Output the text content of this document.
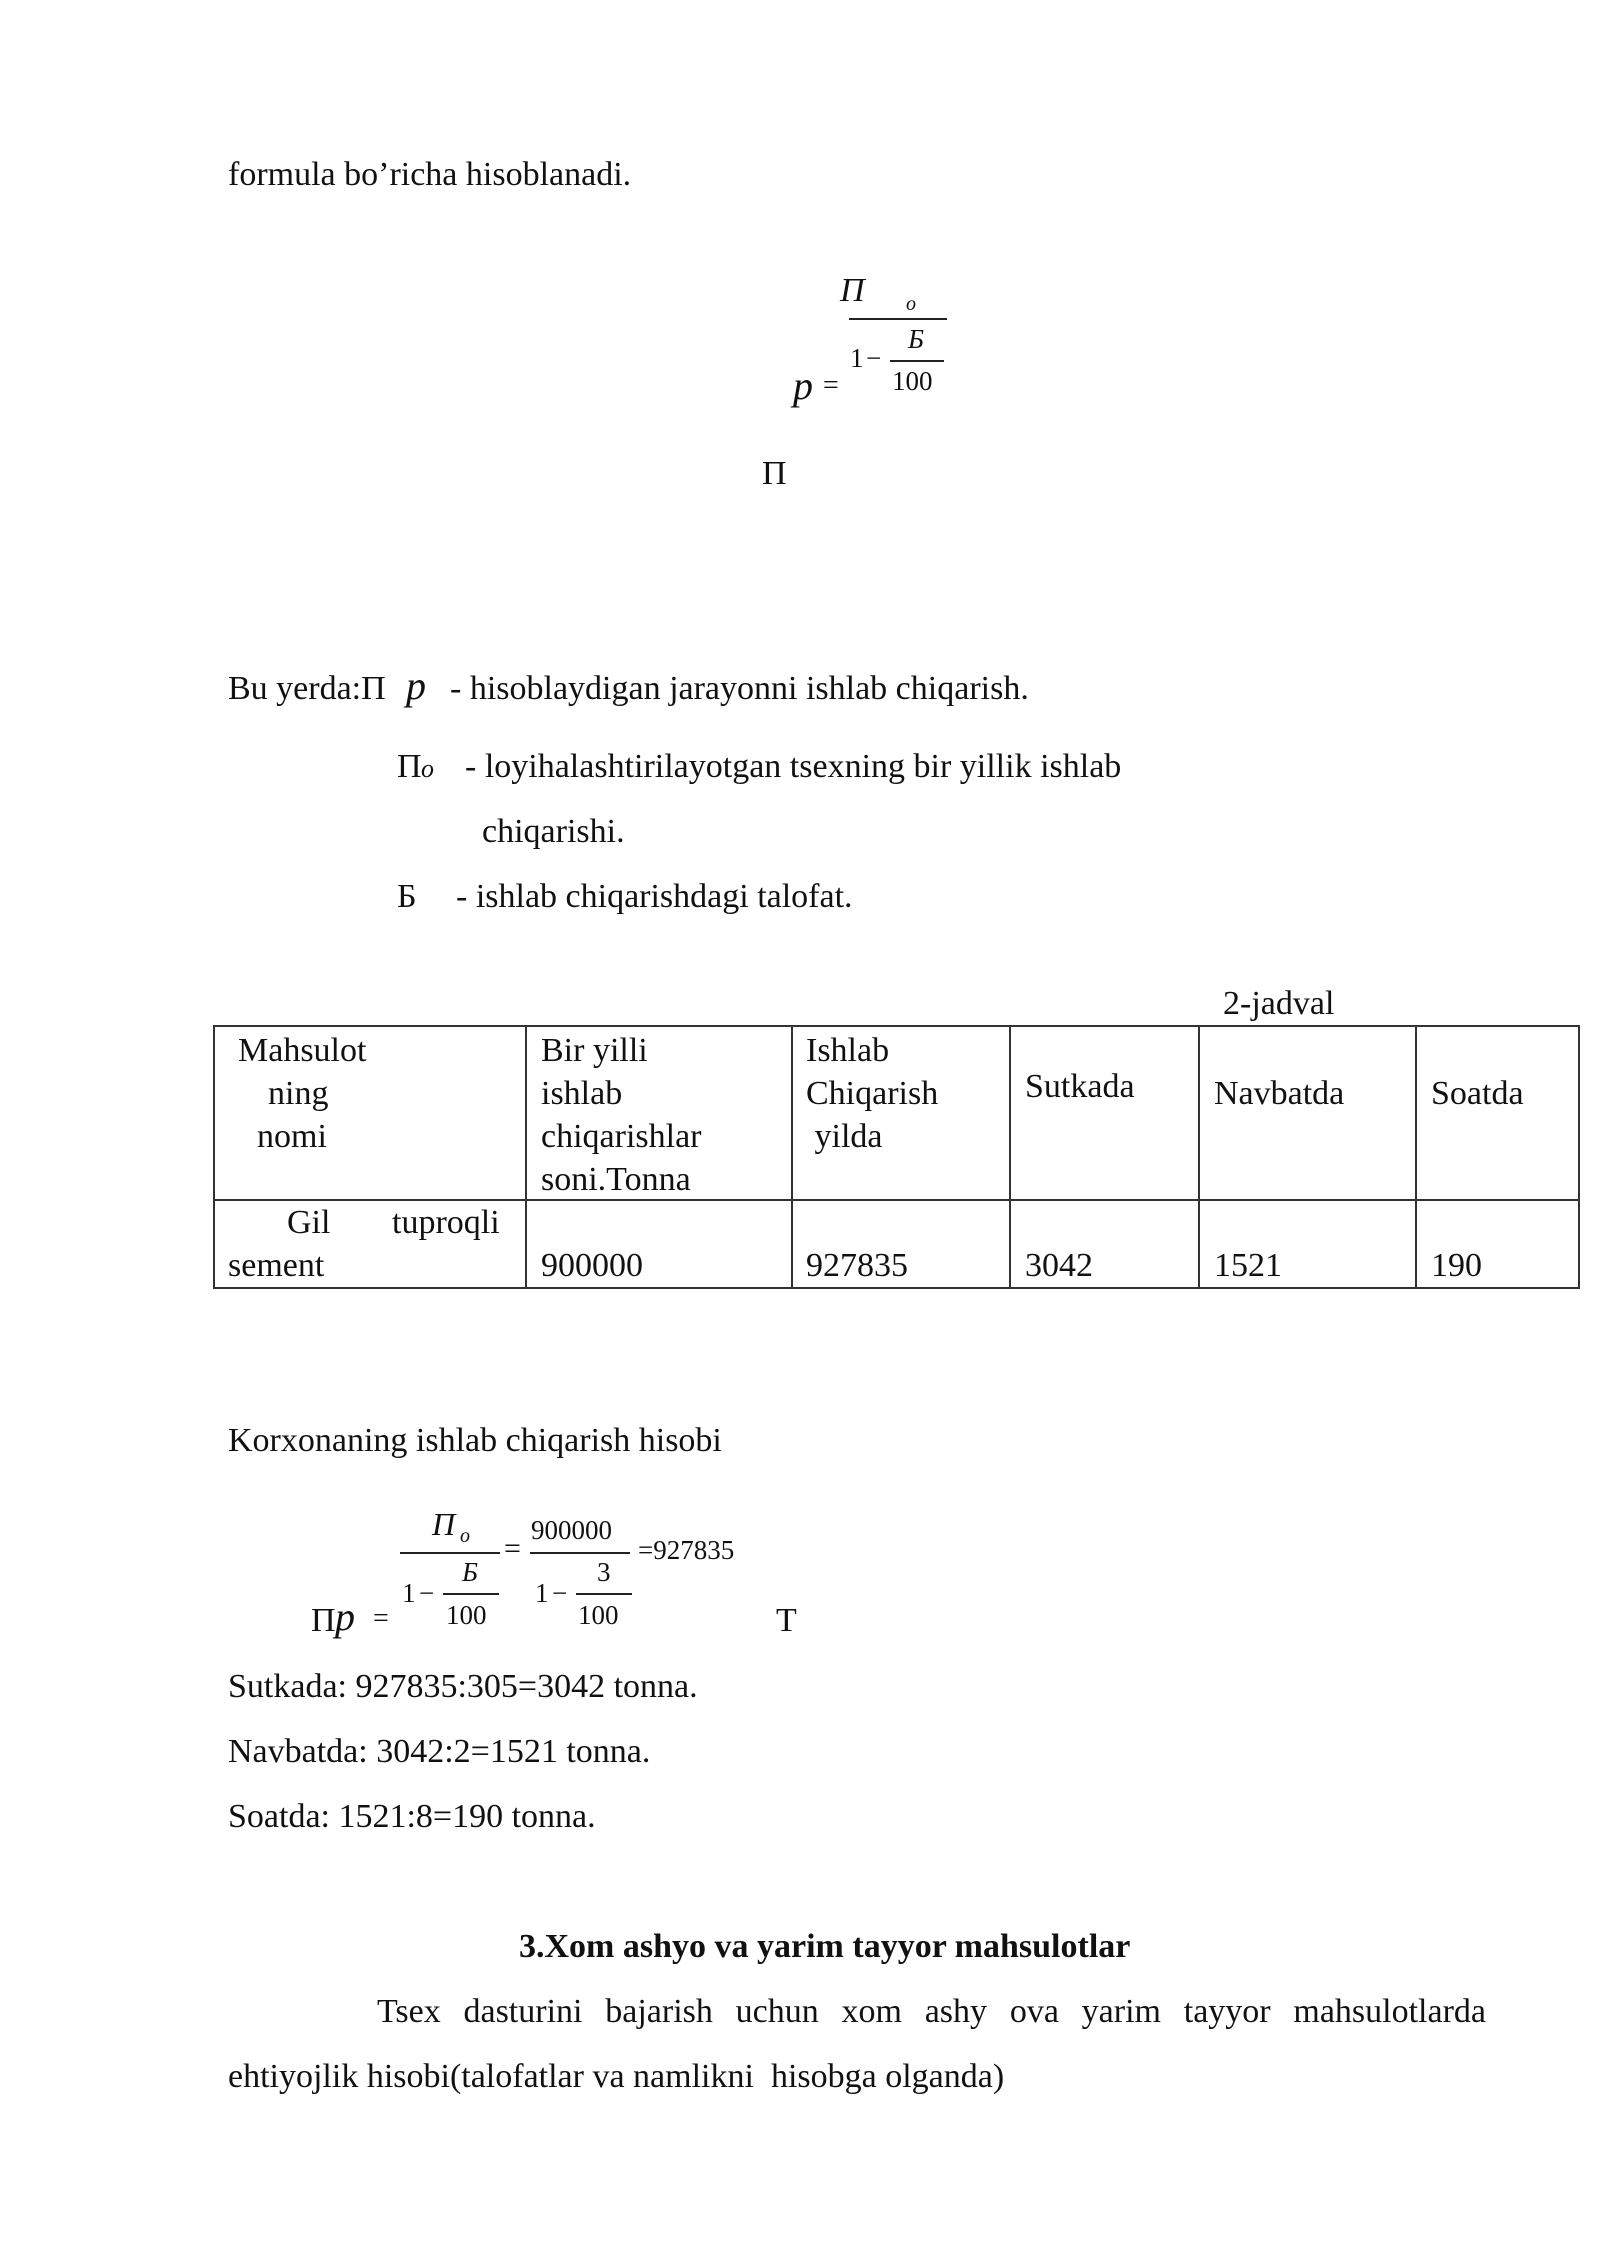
formula bo’richa hisoblanadi.
П o
1 −
Б
100
p =
П
Bu yerda:П p - hisoblaydigan jarayonni ishlab chiqarish.
П o - loyihalashtirilayotgan tsexning bir yillik ishlab
chiqarishi.
Б - ishlab chiqarishdagi talofat.
2-jadval
Mahsulot
ning
nomi	Bir yilli
ishlab
chiqarishlar
soni.Tonna	Ishlab
Chiqarish
yilda	Sutkada	Navbatda	Soatda

Gil tuproqli
sement	900000	927835	3042	1521	190
Korxonaning ishlab chiqarish hisobi
П o
1 −
Б
100
=
900000
1 −
3
100
=927835
П p =	T
Sutkada: 927835:305=3042 tonna.
Navbatda: 3042:2=1521 tonna.
Soatda: 1521:8=190 tonna.
3.Xom ashyo va yarim tayyor mahsulotlar
Tsex dasturini bajarish uchun xom ashy ova yarim tayyor mahsulotlarda
ehtiyojlik hisobi(talofatlar va namlikni  hisobga olganda)
